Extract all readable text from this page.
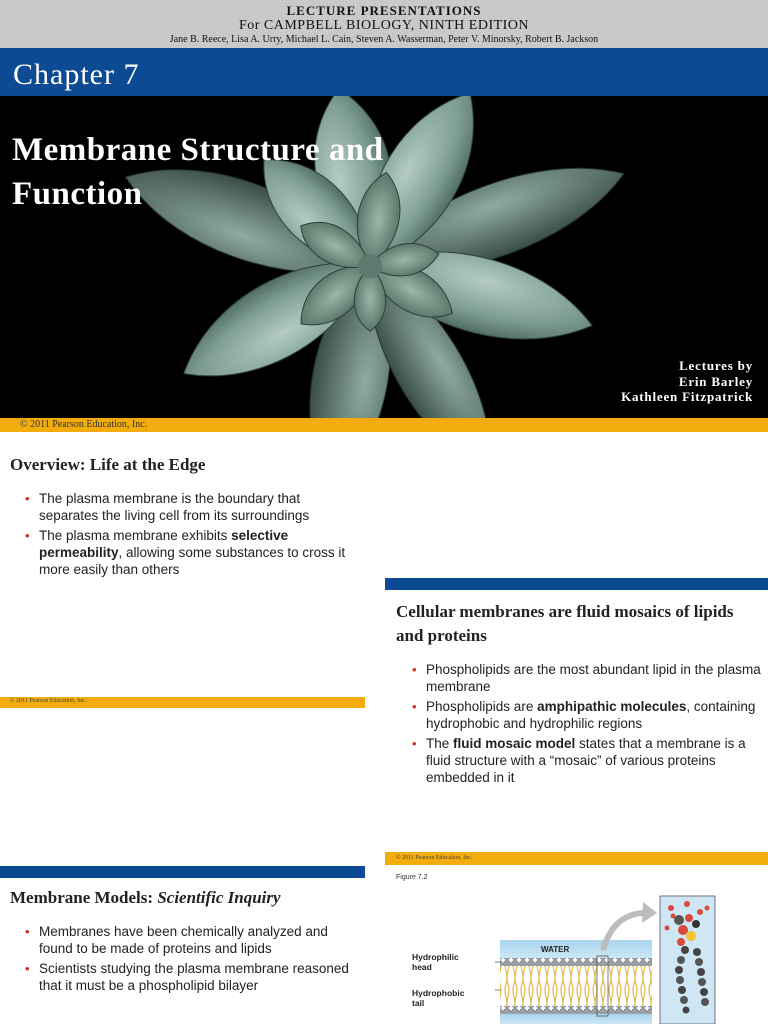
LECTURE PRESENTATIONS
For CAMPBELL BIOLOGY, NINTH EDITION
Jane B. Reece, Lisa A. Urry, Michael L. Cain, Steven A. Wasserman, Peter V. Minorsky, Robert B. Jackson
Chapter 7
Membrane Structure and
Function
Lectures by
Erin Barley
Kathleen Fitzpatrick
© 2011 Pearson Education, Inc.
Overview: Life at the Edge
• The plasma membrane is the boundary that separates the living cell from its surroundings
• The plasma membrane exhibits selective permeability, allowing some substances to cross it more easily than others
© 2011 Pearson Education, Inc.
Cellular membranes are fluid mosaics of lipids and proteins
• Phospholipids are the most abundant lipid in the plasma membrane
• Phospholipids are amphipathic molecules, containing hydrophobic and hydrophilic regions
• The fluid mosaic model states that a membrane is a fluid structure with a “mosaic” of various proteins embedded in it
© 2011 Pearson Education, Inc.
Membrane Models: Scientific Inquiry
• Membranes have been chemically analyzed and found to be made of proteins and lipids
• Scientists studying the plasma membrane reasoned that it must be a phospholipid bilayer
Figure 7.2
WATER
Hydrophilic
head
Hydrophobic
tail
